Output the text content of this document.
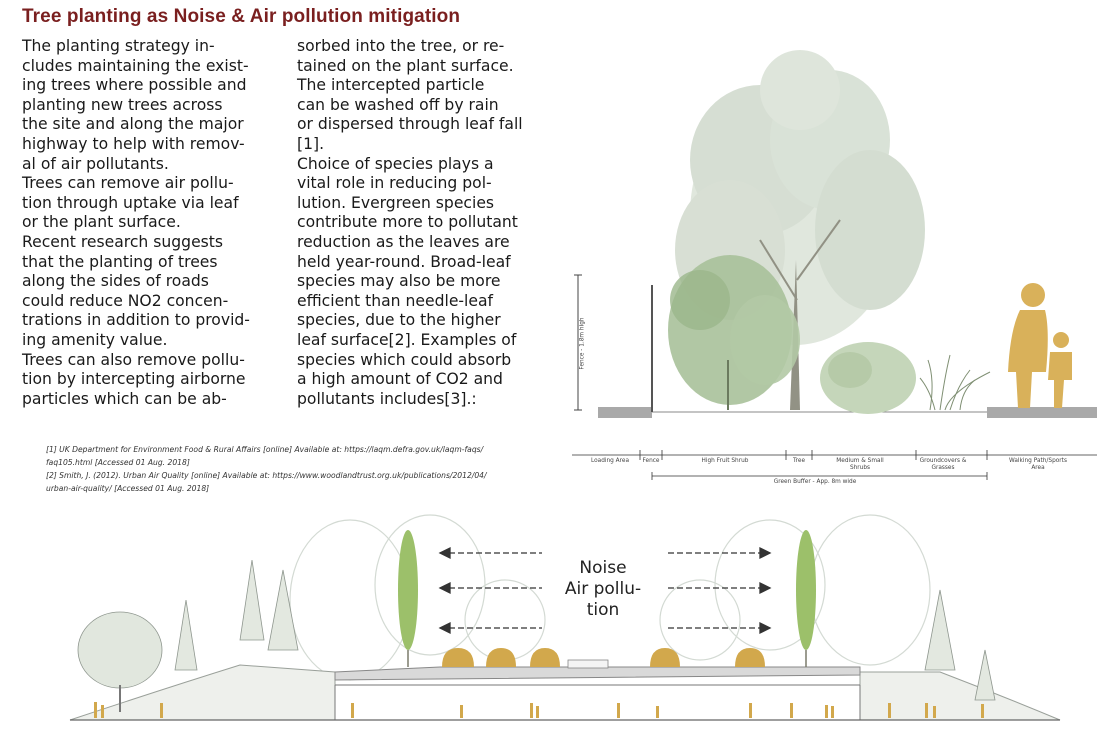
Tree planting as Noise & Air pollution mitigation
The planting strategy in-
cludes maintaining the exist-
ing trees where possible and
planting new trees across
the site and along the major
highway to help with remov-
al of air pollutants.
Trees can remove air pollu-
tion through uptake via leaf
or the plant surface.
Recent research suggests
that the planting of trees
along the sides of roads
could reduce NO2 concen-
trations in addition to provid-
ing amenity value.
Trees can also remove pollu-
tion by intercepting airborne
particles which can be ab-
sorbed into the tree, or re-
tained on the plant surface.
The intercepted particle
can be washed off by rain
or dispersed through leaf fall
[1].
Choice of species plays a
vital role in reducing pol-
lution. Evergreen species
contribute more to pollutant
reduction as the leaves are
held year-round. Broad-leaf
species may also be more
efficient than needle-leaf
species, due to the higher
leaf surface[2]. Examples of
species which could absorb
a high amount of CO2 and
pollutants includes[3].:
[1] UK Department for Environment Food & Rural Affairs [online] Available at: https://laqm.defra.gov.uk/laqm-faqs/
faq105.html [Accessed 01 Aug. 2018]
[2] Smith, J. (2012). Urban Air Quality [online] Available at: https://www.woodlandtrust.org.uk/publications/2012/04/
urban-air-quality/ [Accessed 01 Aug. 2018]
Fence - 1.8m high
Loading Area	Fence	High Fruit Shrub	Tree	Medium & Small Shrubs
Groundcovers & Grasses
Walking Path/Sports Area
Green Buffer - App. 8m wide
Noise
Air pollu-
tion
